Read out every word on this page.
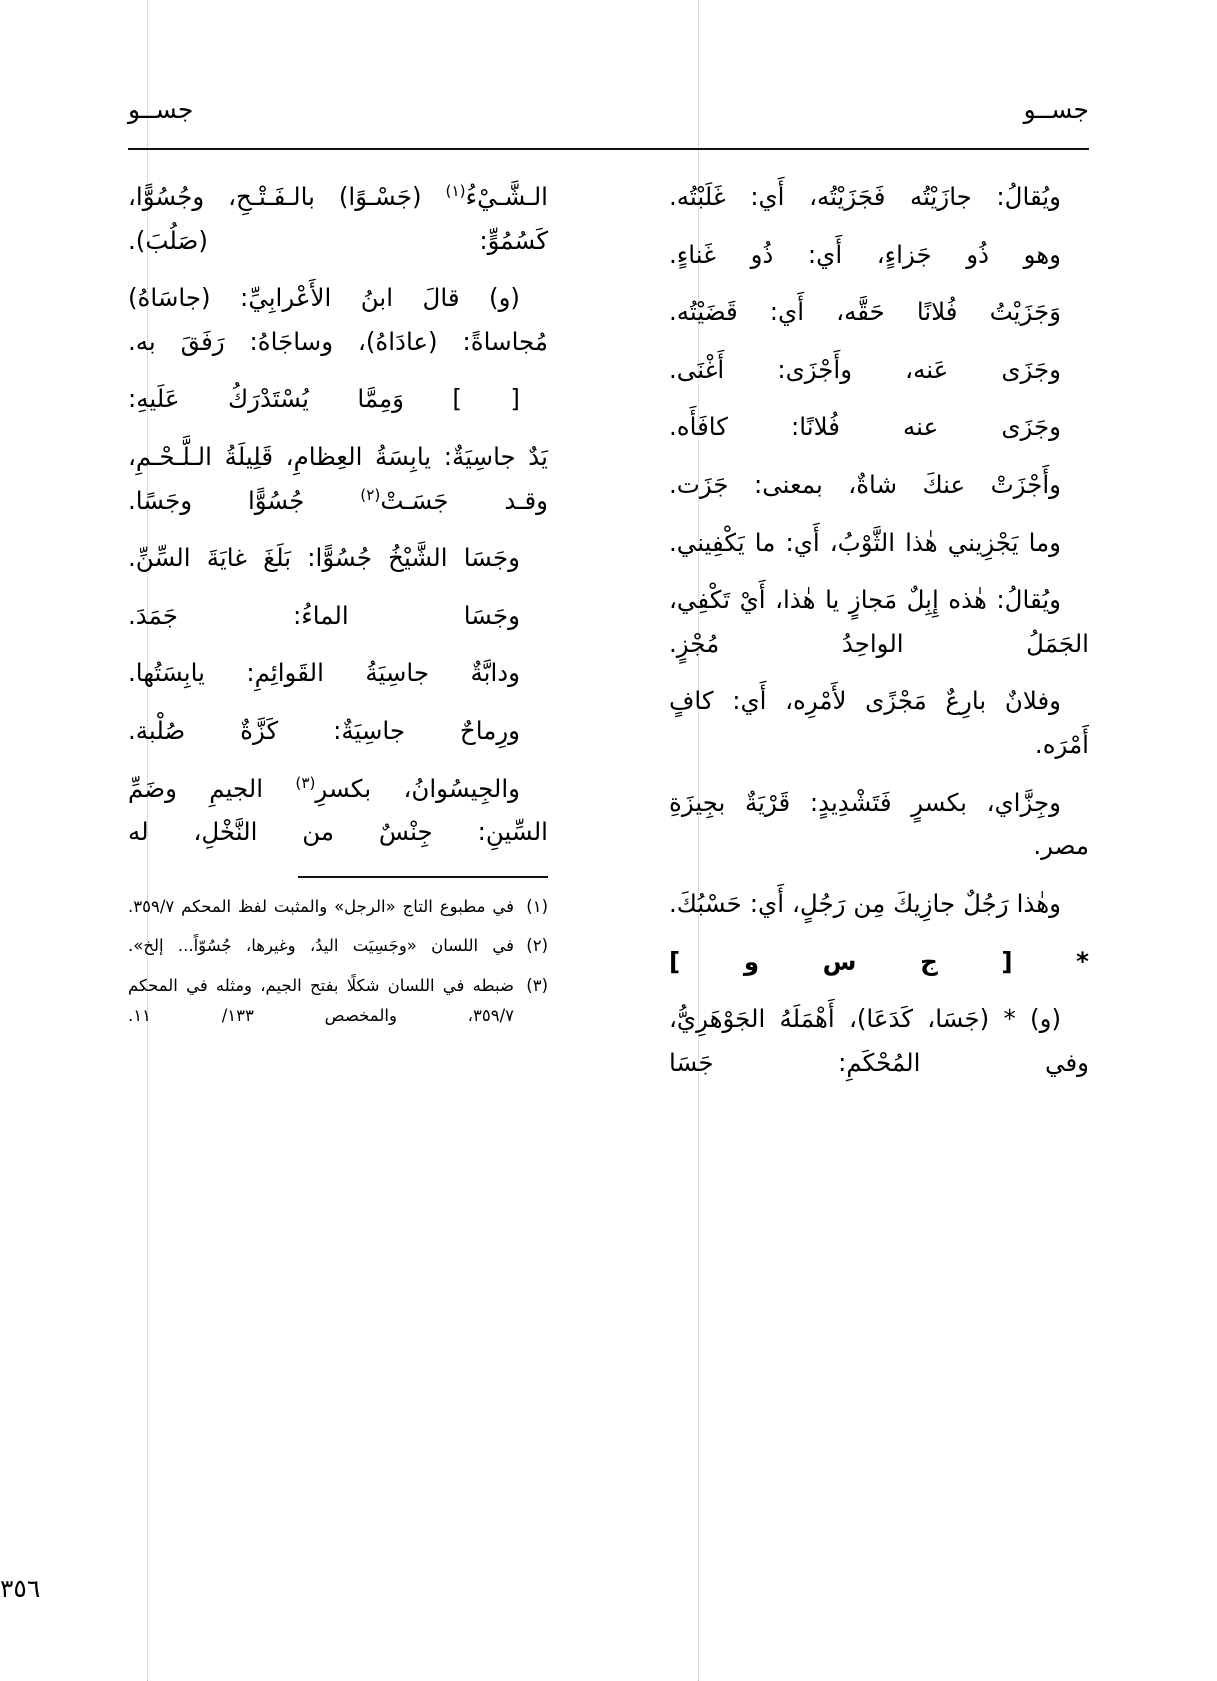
جســو
جســو

ويُقالُ: جازَيْتُه فَجَزَيْتُه، أَي: غَلَبْتُه.

وهو ذُو جَزاءٍ، أَي: ذُو غَناءٍ.

وَجَزَيْتُ فُلانًا حَقَّه، أَي: قَضَيْتُه.

وجَزَى عَنه، وأَجْزَى: أَغْنَى.

وجَزَى عنه فُلانًا: كافَأَه.

وأَجْزَتْ عنكَ شاةٌ، بمعنى: جَزَت.

وما يَجْزِيني هٰذا الثَّوْبُ، أَي: ما يَكْفِيني.

ويُقالُ: هٰذه إِبِلٌ مَجازٍ يا هٰذا، أَيْ تَكْفِي، الجَمَلُ الواحِدُ مُجْزٍ.

وفلانٌ بارِعٌ مَجْزًى لأَمْرِه، أَي: كافٍ أَمْرَه.

وجِزَّاي، بكسرٍ فَتَشْدِيدٍ: قَرْيَةٌ بجِيزَةِ مصر.

وهٰذا رَجُلٌ جازِيكَ مِن رَجُلٍ، أَي: حَسْبُكَ.

* [ ج س و ]

(و) * (جَسَا، كَدَعَا)، أَهْمَلَهُ الجَوْهَرِيُّ، وفي المُحْكَمِ: جَسَا

الـشَّـيْءُ$^{(١)}$ (جَسْـوًا) بالـفَـتْـحِ، وجُسُوًّا، كَسُمُوٍّ: (صَلُبَ).

(و) قالَ ابنُ الأَعْرابِيِّ: (جاسَاهُ) مُجاساةً: (عادَاهُ)، وساجَاهُ: رَفَقَ به.

[ ] وَمِمَّا يُسْتَدْرَكُ عَلَيهِ:

يَدٌ جاسِيَةٌ: يابِسَةُ العِظامِ، قَلِيلَةُ الـلَّـحْـمِ، وقـد جَسَـتْ$^{(٢)}$ جُسُوًّا وجَسًا.

وجَسَا الشَّيْخُ جُسُوًّا: بَلَغَ غايَةَ السِّنِّ.

وجَسَا الماءُ: جَمَدَ.

ودابَّةٌ جاسِيَةُ القَوائِمِ: يابِسَتُها.

ورِماحٌ جاسِيَةٌ: كَزَّةٌ صُلْبة.

والجِيسُوانُ، بكسرِ$^{(٣)}$ الجيمِ وضَمِّ السِّينِ: جِنْسٌ من النَّخْلِ، له

(١)
في مطبوع التاج «الرجل» والمثبت لفظ المحكم ٣٥٩/٧.

(٢)
في اللسان «وجَسِيَت اليدُ، وغيرها، جُسُوّاً... إلخ».

(٣)
ضبطه في اللسان شكلًا بفتح الجيم، ومثله في المحكم ٣٥٩/٧، والمخصص ١٣٣/ ١١.

٣٥٦
